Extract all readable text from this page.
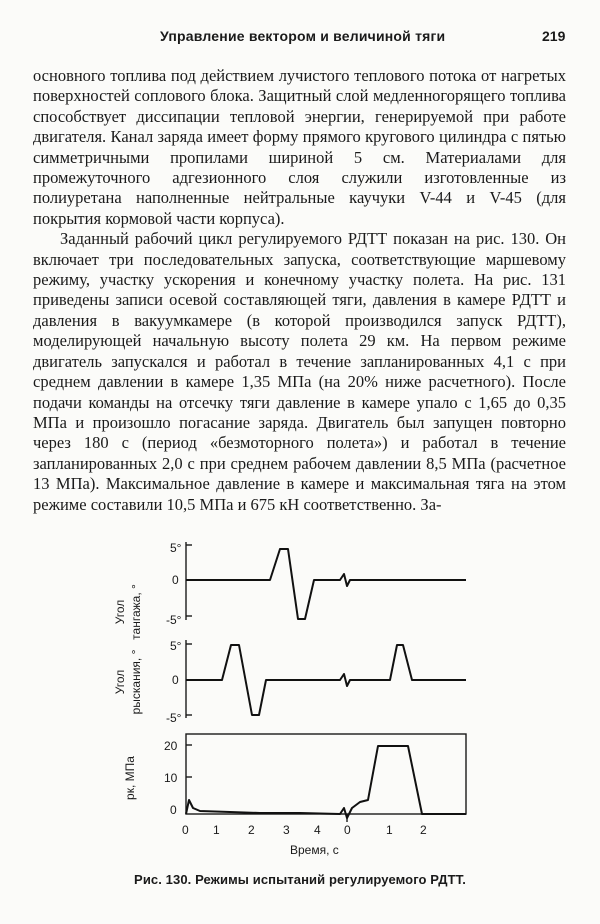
Управление вектором и величиной тяги	219

основного топлива под действием лучистого теплового потока от нагретых поверхностей соплового блока. Защитный слой медленногорящего топлива способствует диссипации тепловой энергии, генерируемой при работе двигателя. Канал заряда имеет форму прямого кругового цилиндра с пятью симметричными пропилами шириной 5 см. Материалами для промежуточного адгезионного слоя служили изготовленные из полиуретана наполненные нейтральные каучуки V-44 и V-45 (для покрытия кормовой части корпуса).

Заданный рабочий цикл регулируемого РДТТ показан на рис. 130. Он включает три последовательных запуска, соответствующие маршевому режиму, участку ускорения и конечному участку полета. На рис. 131 приведены записи осевой составляющей тяги, давления в камере РДТТ и давления в вакуумкамере (в которой производился запуск РДТТ), моделирующей начальную высоту полета 29 км. На первом режиме двигатель запускался и работал в течение запланированных 4,1 с при среднем давлении в камере 1,35 МПа (на 20% ниже расчетного). После подачи команды на отсечку тяги давление в камере упало с 1,65 до 0,35 МПа и произошло погасание заряда. Двигатель был запущен повторно через 180 с (период «безмоторного полета») и работал в течение запланированных 2,0 с при среднем рабочем давлении 8,5 МПа (расчетное 13 МПа). Максимальное давление в камере и максимальная тяга на этом режиме составили 10,5 МПа и 675 кН соответственно. За-

Угол тангажа, °
5°
0
-5°
Угол рыскания, °
5°
0
-5°
pк, МПа
20
10
0
0 1 2 3 4 0	1 2
Время, с
Рис. 130. Режимы испытаний регулируемого РДТТ.
